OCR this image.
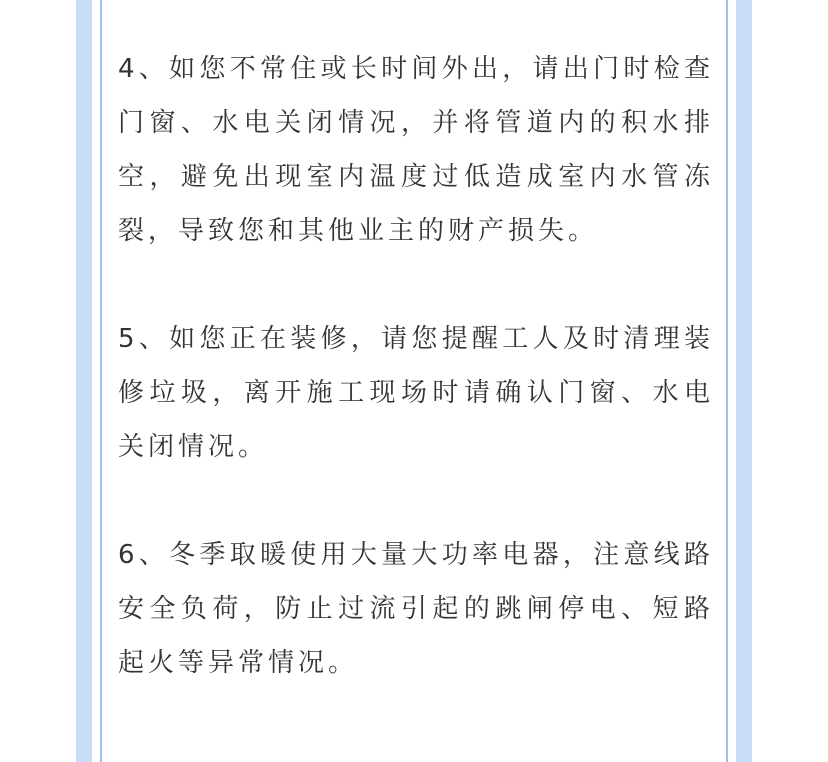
4、如您不常住或长时间外出，请出门时检查门窗、水电关闭情况，并将管道内的积水排空，避免出现室内温度过低造成室内水管冻裂，导致您和其他业主的财产损失。

5、如您正在装修，请您提醒工人及时清理装修垃圾，离开施工现场时请确认门窗、水电关闭情况。

6、冬季取暖使用大量大功率电器，注意线路安全负荷，防止过流引起的跳闸停电、短路起火等异常情况。
